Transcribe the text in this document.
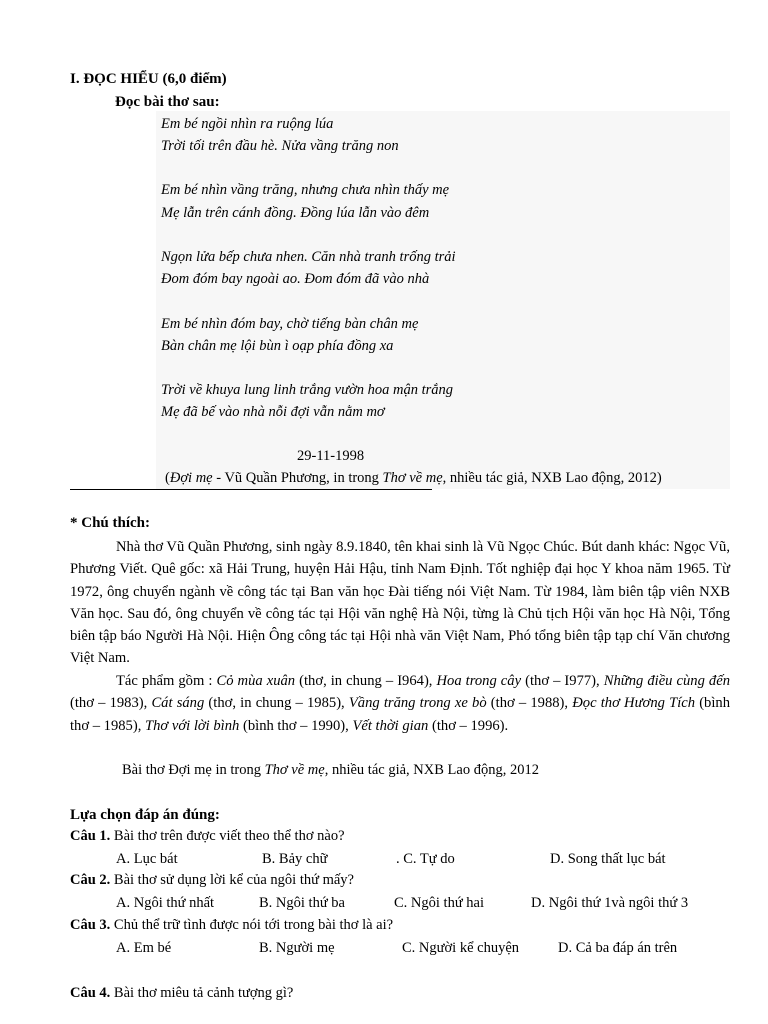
I. ĐỌC HIỂU (6,0 điểm)
Đọc bài thơ sau:
Em bé ngồi nhìn ra ruộng lúa
Trời tối trên đầu hè. Nửa vầng trăng non
Em bé nhìn vầng trăng, nhưng chưa nhìn thấy mẹ
Mẹ lẫn trên cánh đồng. Đồng lúa lẫn vào đêm
Ngọn lửa bếp chưa nhen. Căn nhà tranh trống trải
Đom đóm bay ngoài ao. Đom đóm đã vào nhà
Em bé nhìn đóm bay, chờ tiếng bàn chân mẹ
Bàn chân mẹ lội bùn ì oạp phía đồng xa
Trời về khuya lung linh trắng vườn hoa mận trắng
Mẹ đã bế vào nhà nỗi đợi vẫn nằm mơ
29-11-1998
(Đợi mẹ - Vũ Quần Phương, in trong Thơ về mẹ, nhiều tác giả, NXB Lao động, 2012)
* Chú thích:
Nhà thơ Vũ Quần Phương, sinh ngày 8.9.1840, tên khai sinh là Vũ Ngọc Chúc. Bút danh khác: Ngọc Vũ, Phương Viết. Quê gốc: xã Hải Trung, huyện Hải Hậu, tỉnh Nam Định. Tốt nghiệp đại học Y khoa năm 1965. Từ 1972, ông chuyển ngành về công tác tại Ban văn học Đài tiếng nói Việt Nam. Từ 1984, làm biên tập viên NXB Văn học. Sau đó, ông chuyển về công tác tại Hội văn nghệ Hà Nội, từng là Chủ tịch Hội văn học Hà Nội, Tổng biên tập báo Người Hà Nội. Hiện Ông công tác tại Hội nhà văn Việt Nam, Phó tổng biên tập tạp chí Văn chương Việt Nam.
Tác phẩm gồm : Cỏ mùa xuân (thơ, in chung – I964), Hoa trong cây (thơ – I977), Những điều cùng đến (thơ – 1983), Cát sáng (thơ, in chung – 1985), Vầng trăng trong xe bò (thơ – 1988), Đọc thơ Hương Tích (bình thơ – 1985), Thơ với lời bình (bình thơ – 1990), Vết thời gian (thơ – 1996).
Bài thơ Đợi mẹ in trong Thơ về mẹ, nhiều tác giả, NXB Lao động, 2012
Lựa chọn đáp án đúng:
Câu 1. Bài thơ trên được viết theo thể thơ nào?
A. Lục bát	B. Bảy chữ	. C. Tự do	D. Song thất lục bát
Câu 2. Bài thơ sử dụng lời kể của ngôi thứ mấy?
A. Ngôi thứ nhất	B. Ngôi thứ ba	C. Ngôi thứ hai	D. Ngôi thứ 1và ngôi thứ 3
Câu 3. Chủ thể trữ tình được nói tới trong bài thơ là ai?
A. Em bé	B. Người mẹ	C. Người kể chuyện	D. Cả ba đáp án trên
Câu 4. Bài thơ miêu tả cảnh tượng gì?
